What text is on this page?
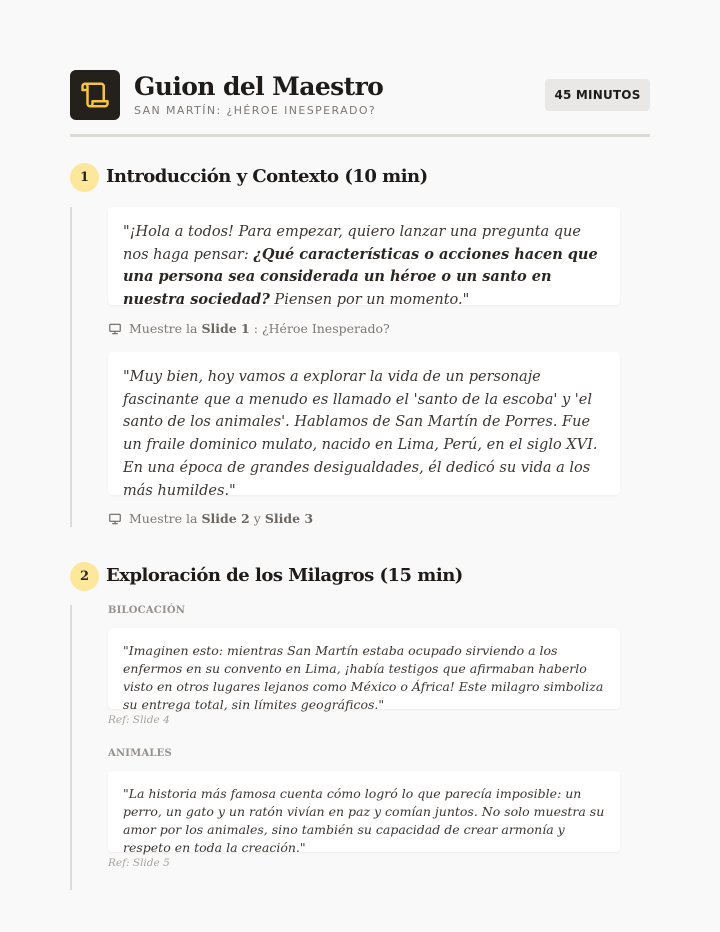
Guion del Maestro
SAN MARTÍN: ¿HÉROE INESPERADO?
45 MINUTOS
1 Introducción y Contexto (10 min)
"¡Hola a todos! Para empezar, quiero lanzar una pregunta que nos haga pensar: ¿Qué características o acciones hacen que una persona sea considerada un héroe o un santo en nuestra sociedad? Piensen por un momento."
Muestre la Slide 1 : ¿Héroe Inesperado?
"Muy bien, hoy vamos a explorar la vida de un personaje fascinante que a menudo es llamado el 'santo de la escoba' y 'el santo de los animales'. Hablamos de San Martín de Porres. Fue un fraile dominico mulato, nacido en Lima, Perú, en el siglo XVI. En una época de grandes desigualdades, él dedicó su vida a los más humildes."
Muestre la Slide 2 y Slide 3
2 Exploración de los Milagros (15 min)
BILOCACIÓN
"Imaginen esto: mientras San Martín estaba ocupado sirviendo a los enfermos en su convento en Lima, ¡había testigos que afirmaban haberlo visto en otros lugares lejanos como México o África! Este milagro simboliza su entrega total, sin límites geográficos."
Ref: Slide 4
ANIMALES
"La historia más famosa cuenta cómo logró lo que parecía imposible: un perro, un gato y un ratón vivían en paz y comían juntos. No solo muestra su amor por los animales, sino también su capacidad de crear armonía y respeto en toda la creación."
Ref: Slide 5
